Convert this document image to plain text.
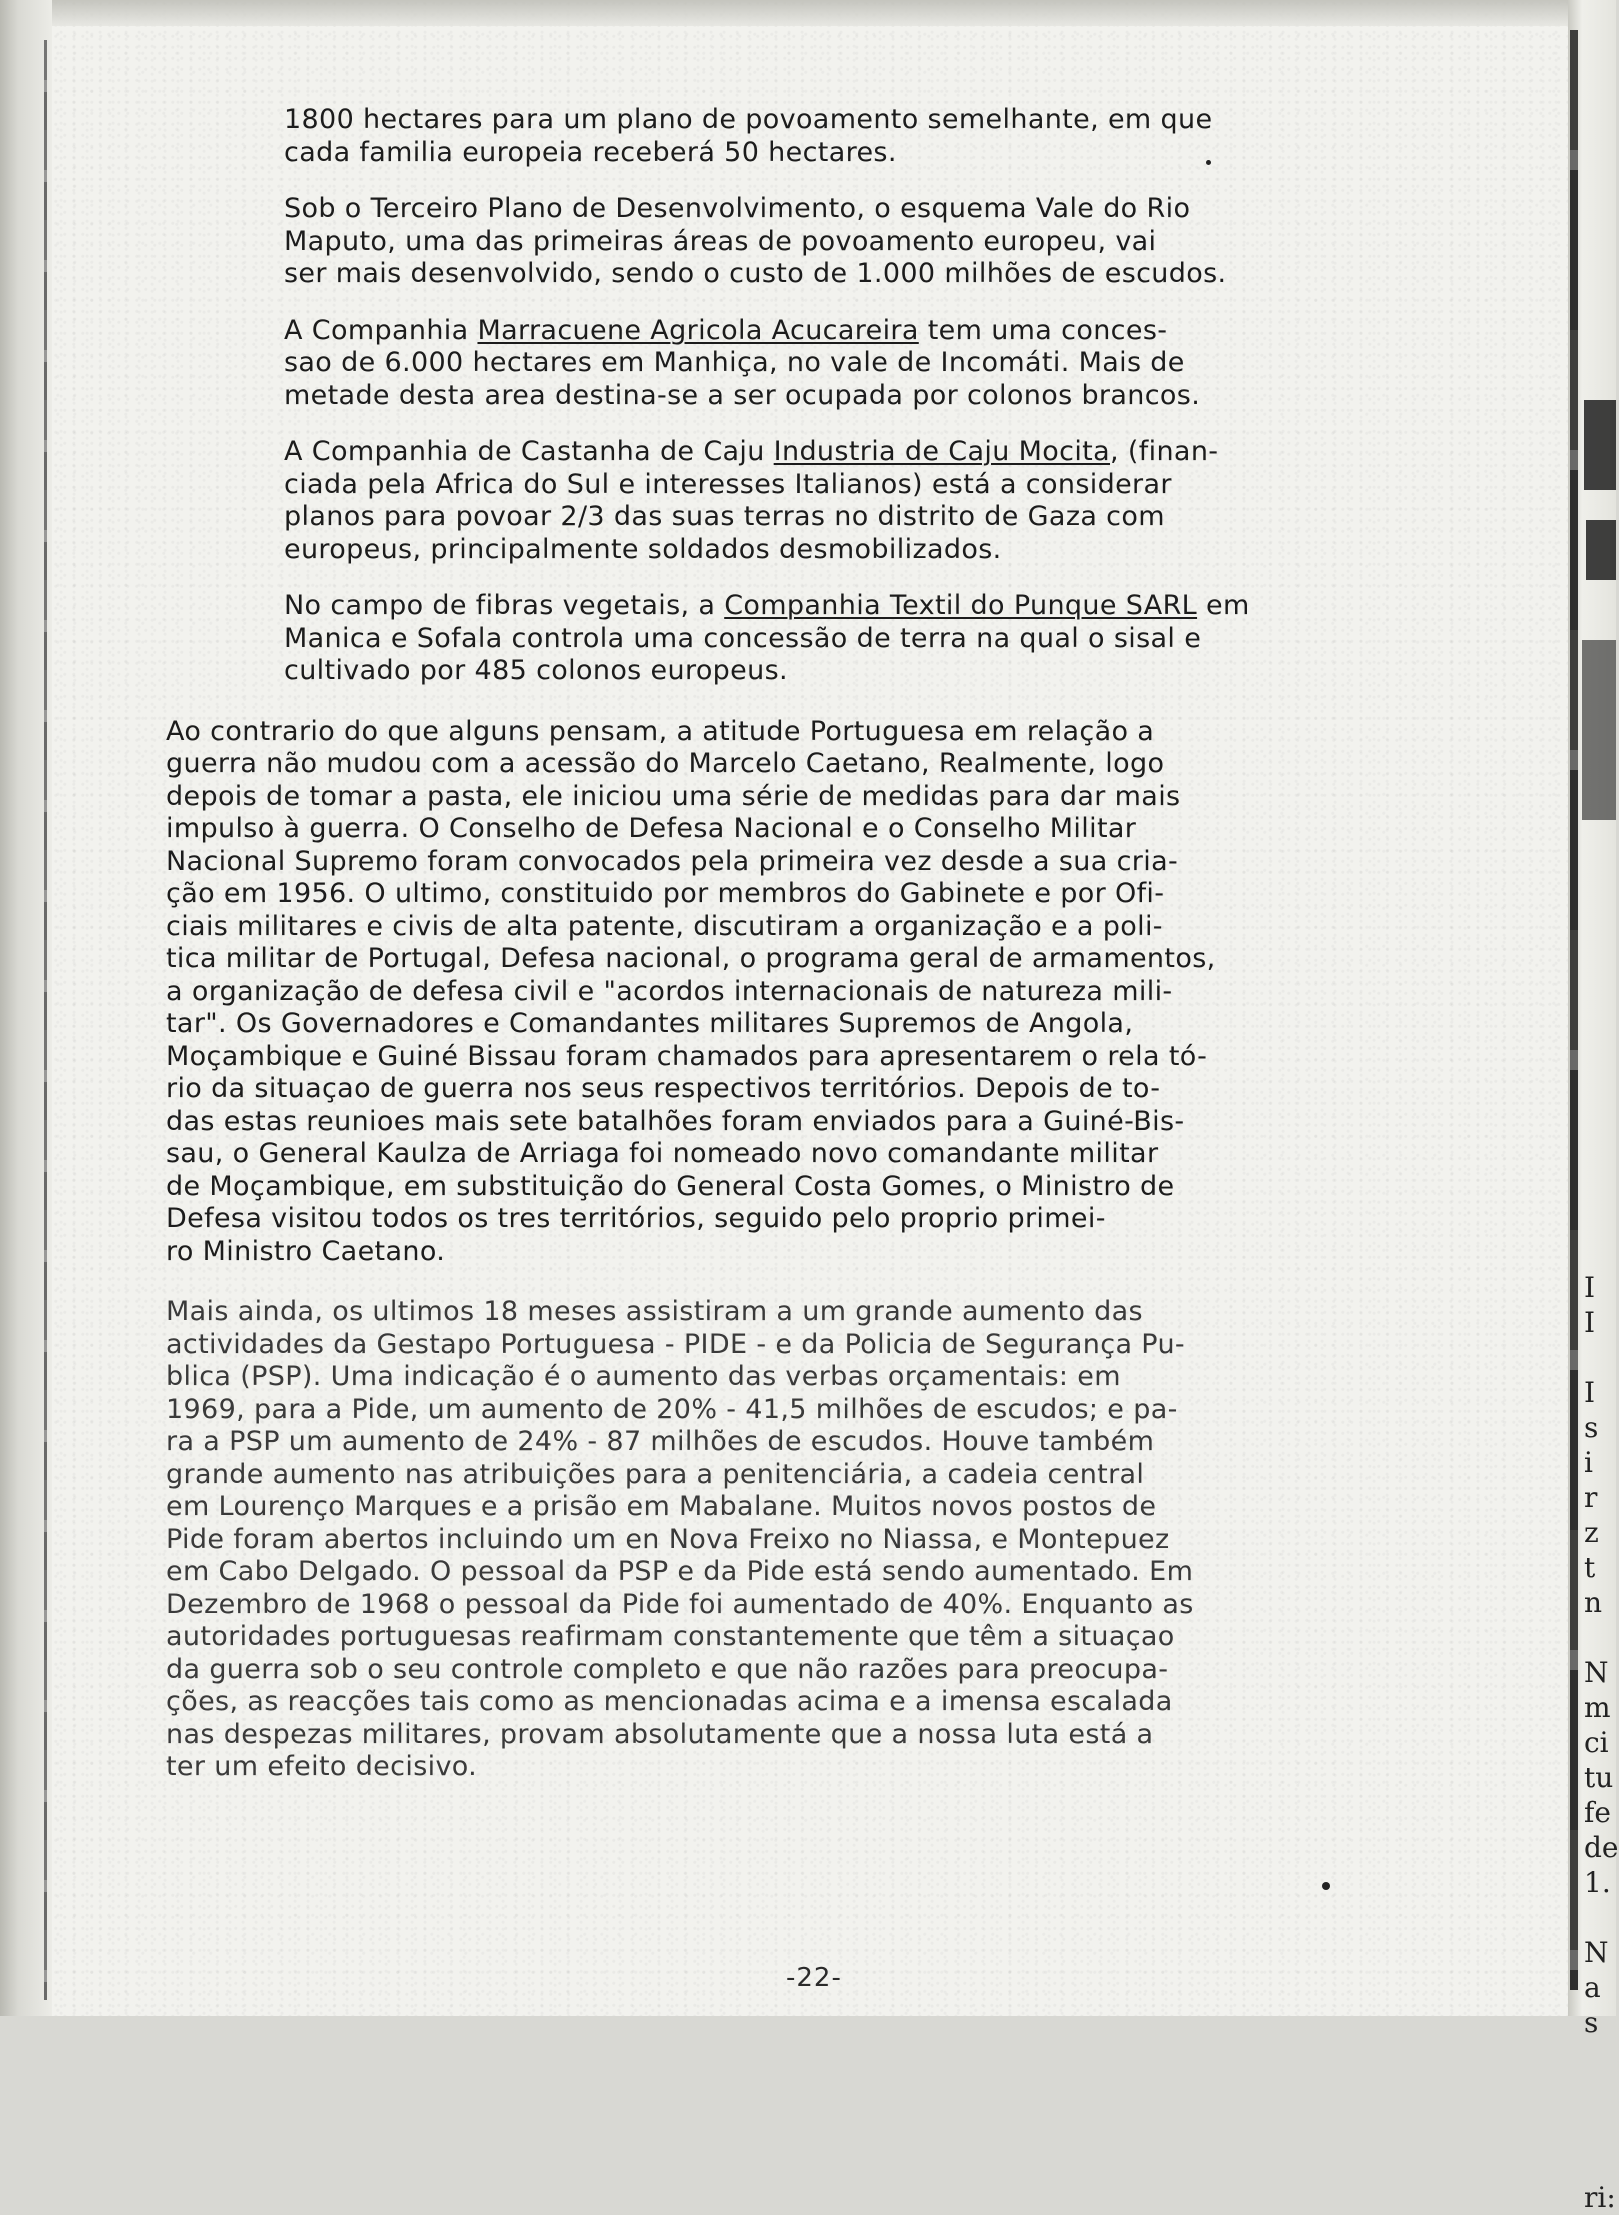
I
I
I
s
i
r
z
t
n
N
m
ci
tu
fe
de
1.
N
a
s
ri:

1800 hectares para um plano de povoamento semelhante, em que
cada familia europeia receberá 50 hectares.

Sob o Terceiro Plano de Desenvolvimento, o esquema Vale do Rio
Maputo, uma das primeiras áreas de povoamento europeu, vai
ser mais desenvolvido, sendo o custo de 1.000 milhões de escudos.

A Companhia Marracuene Agricola Acucareira tem uma conces-
sao de 6.000 hectares em Manhiça, no vale de Incomáti. Mais de
metade desta area destina-se a ser ocupada por colonos brancos.

A Companhia de Castanha de Caju Industria de Caju Mocita, (finan-
ciada pela Africa do Sul e interesses Italianos) está a considerar
planos para povoar 2/3 das suas terras no distrito de Gaza com
europeus, principalmente soldados desmobilizados.

No campo de fibras vegetais, a Companhia Textil do Punque SARL em
Manica e Sofala controla uma concessão de terra na qual o sisal e
cultivado por 485 colonos europeus.

Ao contrario do que alguns pensam, a atitude Portuguesa em relação a
guerra não mudou com a acessão do Marcelo Caetano, Realmente, logo
depois de tomar a pasta, ele iniciou uma série de medidas para dar mais
impulso à guerra. O Conselho de Defesa Nacional e o Conselho Militar
Nacional Supremo foram convocados pela primeira vez desde a sua cria-
ção em 1956. O ultimo, constituido por membros do Gabinete e por Ofi-
ciais militares e civis de alta patente, discutiram a organização e a poli-
tica militar de Portugal, Defesa nacional, o programa geral de armamentos,
a organização de defesa civil e "acordos internacionais de natureza mili-
tar". Os Governadores e Comandantes militares Supremos de Angola,
Moçambique e Guiné Bissau foram chamados para apresentarem o rela tó-
rio da situaçao de guerra nos seus respectivos territórios. Depois de to-
das estas reunioes mais sete batalhões foram enviados para a Guiné-Bis-
sau, o General Kaulza de Arriaga foi nomeado novo comandante militar
de Moçambique, em substituição do General Costa Gomes, o Ministro de
Defesa visitou todos os tres territórios, seguido pelo proprio primei-
ro Ministro Caetano.

Mais ainda, os ultimos 18 meses assistiram a um grande aumento das
actividades da Gestapo Portuguesa - PIDE - e da Policia de Segurança Pu-
blica (PSP). Uma indicação é o aumento das verbas orçamentais: em
1969, para a Pide, um aumento de 20% - 41,5 milhões de escudos; e pa-
ra a PSP um aumento de 24% - 87 milhões de escudos. Houve também
grande aumento nas atribuições para a penitenciária, a cadeia central
em Lourenço Marques e a prisão em Mabalane. Muitos novos postos de
Pide foram abertos incluindo um en Nova Freixo no Niassa, e Montepuez
em Cabo Delgado. O pessoal da PSP e da Pide está sendo aumentado. Em
Dezembro de 1968 o pessoal da Pide foi aumentado de 40%. Enquanto as
autoridades portuguesas reafirmam constantemente que têm a situaçao
da guerra sob o seu controle completo e que não razões para preocupa-
ções, as reacções tais como as mencionadas acima e a imensa escalada
nas despezas militares, provam absolutamente que a nossa luta está a
ter um efeito decisivo.

-22-
